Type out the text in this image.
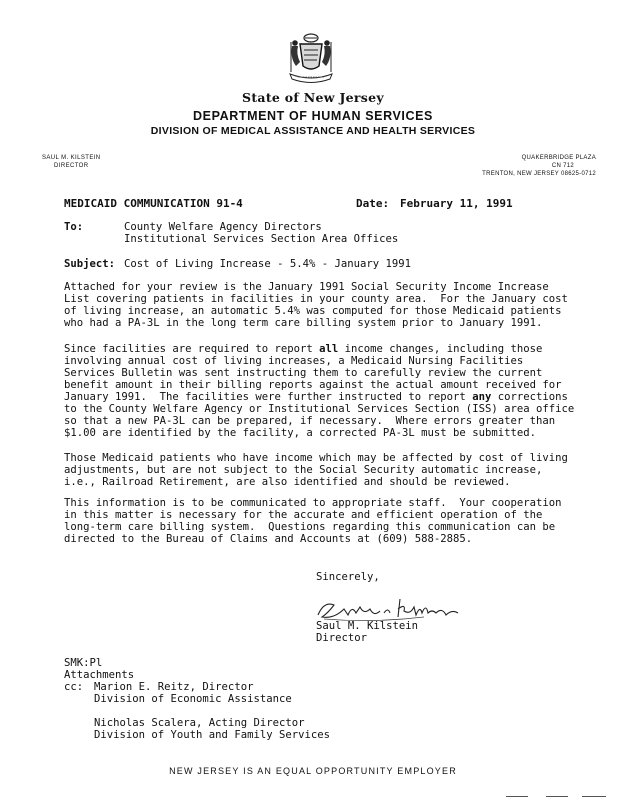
State of New Jersey
DEPARTMENT OF HUMAN SERVICES
DIVISION OF MEDICAL ASSISTANCE AND HEALTH SERVICES
SAUL M. KILSTEIN
DIRECTOR
QUAKERBRIDGE PLAZA
CN 712
TRENTON, NEW JERSEY 08625-0712
MEDICAID COMMUNICATION 91-4	Date: February 11, 1991
To:	County Welfare Agency Directors
Institutional Services Section Area Offices
Subject: Cost of Living Increase - 5.4% - January 1991
Attached for your review is the January 1991 Social Security Income Increase
List covering patients in facilities in your county area.  For the January cost
of living increase, an automatic 5.4% was computed for those Medicaid patients
who had a PA-3L in the long term care billing system prior to January 1991.
Since facilities are required to report all income changes, including those
involving annual cost of living increases, a Medicaid Nursing Facilities
Services Bulletin was sent instructing them to carefully review the current
benefit amount in their billing reports against the actual amount received for
January 1991.  The facilities were further instructed to report any corrections
to the County Welfare Agency or Institutional Services Section (ISS) area office
so that a new PA-3L can be prepared, if necessary.  Where errors greater than
$1.00 are identified by the facility, a corrected PA-3L must be submitted.
Those Medicaid patients who have income which may be affected by cost of living
adjustments, but are not subject to the Social Security automatic increase,
i.e., Railroad Retirement, are also identified and should be reviewed.
This information is to be communicated to appropriate staff.  Your cooperation
in this matter is necessary for the accurate and efficient operation of the
long-term care billing system.  Questions regarding this communication can be
directed to the Bureau of Claims and Accounts at (609) 588-2885.
Sincerely,
Saul M. Kilstein
Director
SMK:Pl
Attachments
cc: Marion E. Reitz, Director
Division of Economic Assistance
Nicholas Scalera, Acting Director
Division of Youth and Family Services
NEW JERSEY IS AN EQUAL OPPORTUNITY EMPLOYER
